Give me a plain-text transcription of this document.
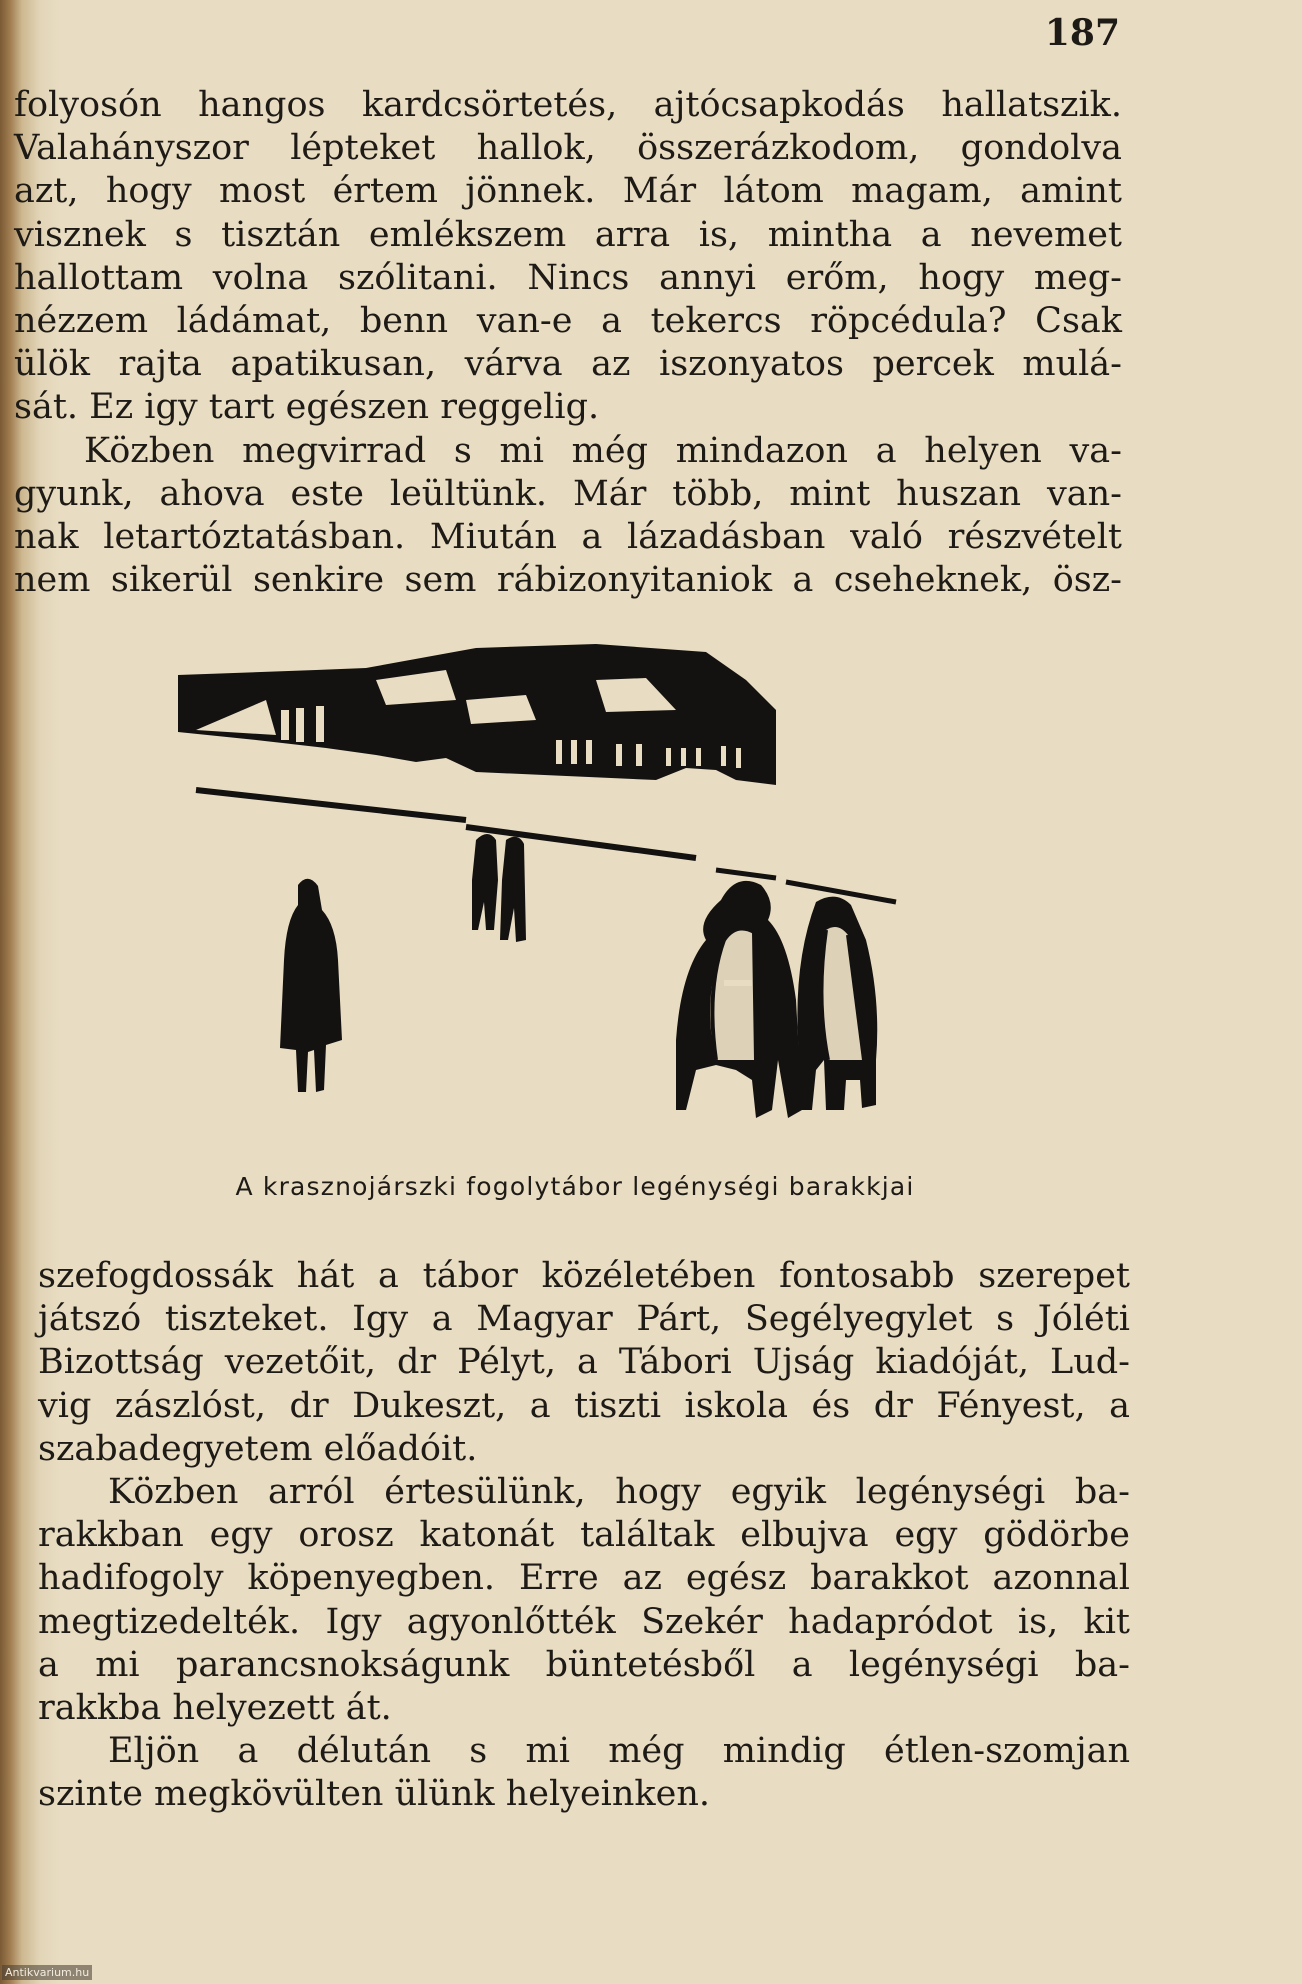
187
folyosón hangos kardcsörtetés, ajtócsapkodás hallatszik.
Valahányszor lépteket hallok, összerázkodom, gondolva
azt, hogy most értem jönnek. Már látom magam, amint
visznek s tisztán emlékszem arra is, mintha a nevemet
hallottam volna szólitani. Nincs annyi erőm, hogy meg-
nézzem ládámat, benn van-e a tekercs röpcédula? Csak
ülök rajta apatikusan, várva az iszonyatos percek mulá-
sát. Ez igy tart egészen reggelig.
Közben megvirrad s mi még mindazon a helyen va-
gyunk, ahova este leültünk. Már több, mint huszan van-
nak letartóztatásban. Miután a lázadásban való részvételt
nem sikerül senkire sem rábizonyitaniok a cseheknek, ösz-
A krasznojárszki fogolytábor legénységi barakkjai
szefogdossák hát a tábor közéletében fontosabb szerepet
játszó tiszteket. Igy a Magyar Párt, Segélyegylet s Jóléti
Bizottság vezetőit, dr Pélyt, a Tábori Ujság kiadóját, Lud-
vig zászlóst, dr Dukeszt, a tiszti iskola és dr Fényest, a
szabadegyetem előadóit.
Közben arról értesülünk, hogy egyik legénységi ba-
rakkban egy orosz katonát találtak elbujva egy gödörbe
hadifogoly köpenyegben. Erre az egész barakkot azonnal
megtizedelték. Igy agyonlőtték Szekér hadapródot is, kit
a mi parancsnokságunk büntetésből a legénységi ba-
rakkba helyezett át.
Eljön a délután s mi még mindig étlen-szomjan
szinte megkövülten ülünk helyeinken.
Antikvarium.hu
